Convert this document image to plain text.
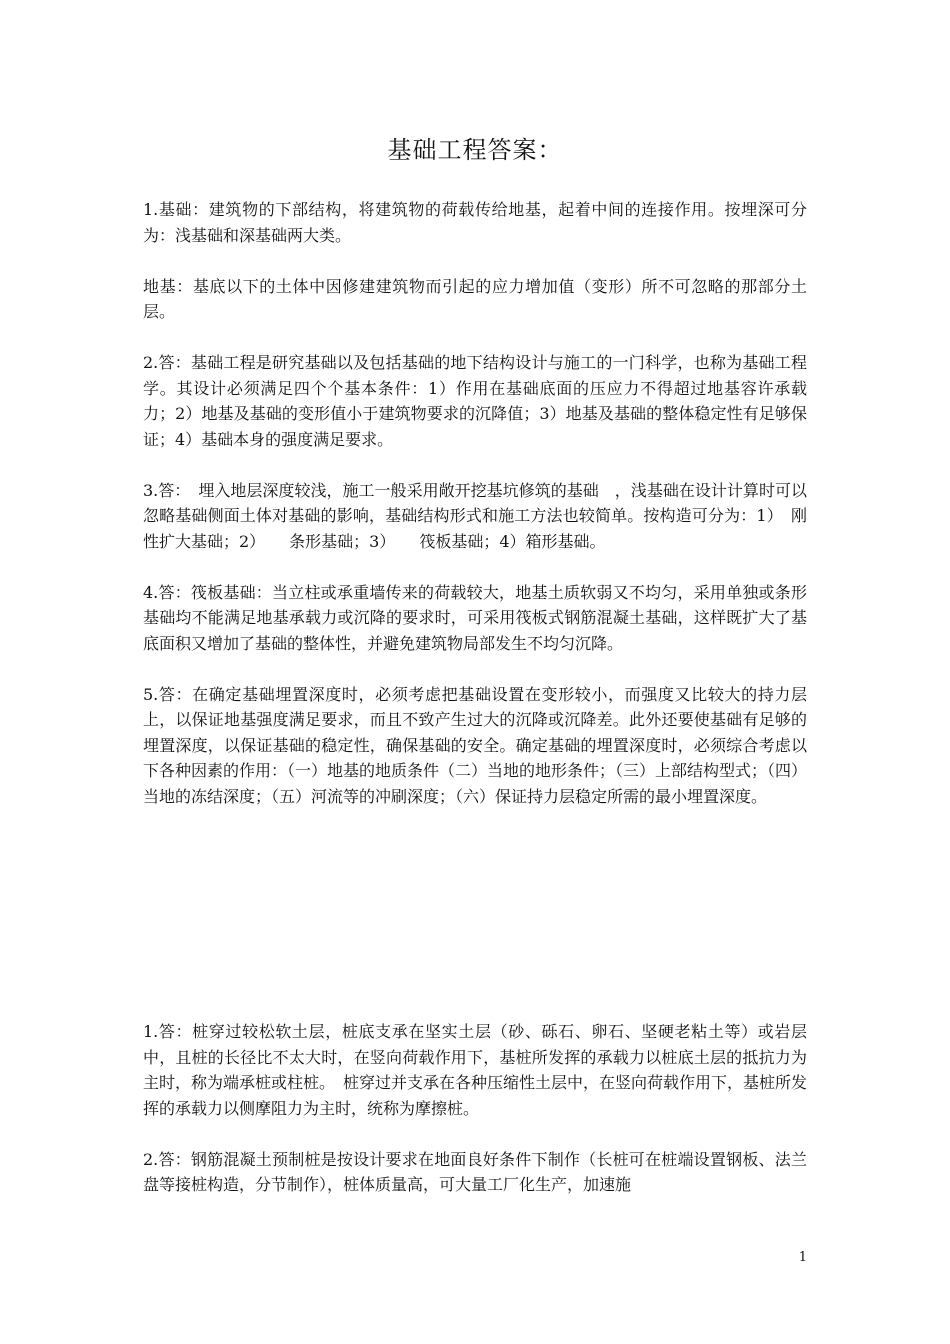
基础工程答案：

1.基础：建筑物的下部结构，将建筑物的荷载传给地基，起着中间的连接作用。按埋深可分为：浅基础和深基础两大类。

地基：基底以下的土体中因修建建筑物而引起的应力增加值（变形）所不可忽略的那部分土层。

2.答：基础工程是研究基础以及包括基础的地下结构设计与施工的一门科学，也称为基础工程学。其设计必须满足四个个基本条件：1）作用在基础底面的压应力不得超过地基容许承载力；2）地基及基础的变形值小于建筑物要求的沉降值；3）地基及基础的整体稳定性有足够保证；4）基础本身的强度满足要求。

3.答：　埋入地层深度较浅，施工一般采用敞开挖基坑修筑的基础　，浅基础在设计计算时可以忽略基础侧面土体对基础的影响，基础结构形式和施工方法也较简单。按构造可分为：1）　刚性扩大基础；2）　　条形基础；3）　　筏板基础；4）箱形基础。

4.答：筏板基础：当立柱或承重墙传来的荷载较大，地基土质软弱又不均匀，采用单独或条形基础均不能满足地基承载力或沉降的要求时，可采用筏板式钢筋混凝土基础，这样既扩大了基底面积又增加了基础的整体性，并避免建筑物局部发生不均匀沉降。

5.答：在确定基础埋置深度时，必须考虑把基础设置在变形较小，而强度又比较大的持力层上，以保证地基强度满足要求，而且不致产生过大的沉降或沉降差。此外还要使基础有足够的埋置深度，以保证基础的稳定性，确保基础的安全。确定基础的埋置深度时，必须综合考虑以下各种因素的作用：（一）地基的地质条件（二）当地的地形条件；（三）上部结构型式；（四）当地的冻结深度；（五）河流等的冲刷深度；（六）保证持力层稳定所需的最小埋置深度。

1.答：桩穿过较松软土层，桩底支承在坚实土层（砂、砾石、卵石、坚硬老粘土等）或岩层中，且桩的长径比不太大时，在竖向荷载作用下，基桩所发挥的承载力以桩底土层的抵抗力为主时，称为端承桩或柱桩。　桩穿过并支承在各种压缩性土层中，在竖向荷载作用下，基桩所发挥的承载力以侧摩阻力为主时，统称为摩擦桩。

2.答：钢筋混凝土预制桩是按设计要求在地面良好条件下制作（长桩可在桩端设置钢板、法兰盘等接桩构造，分节制作），桩体质量高，可大量工厂化生产，加速施

1
